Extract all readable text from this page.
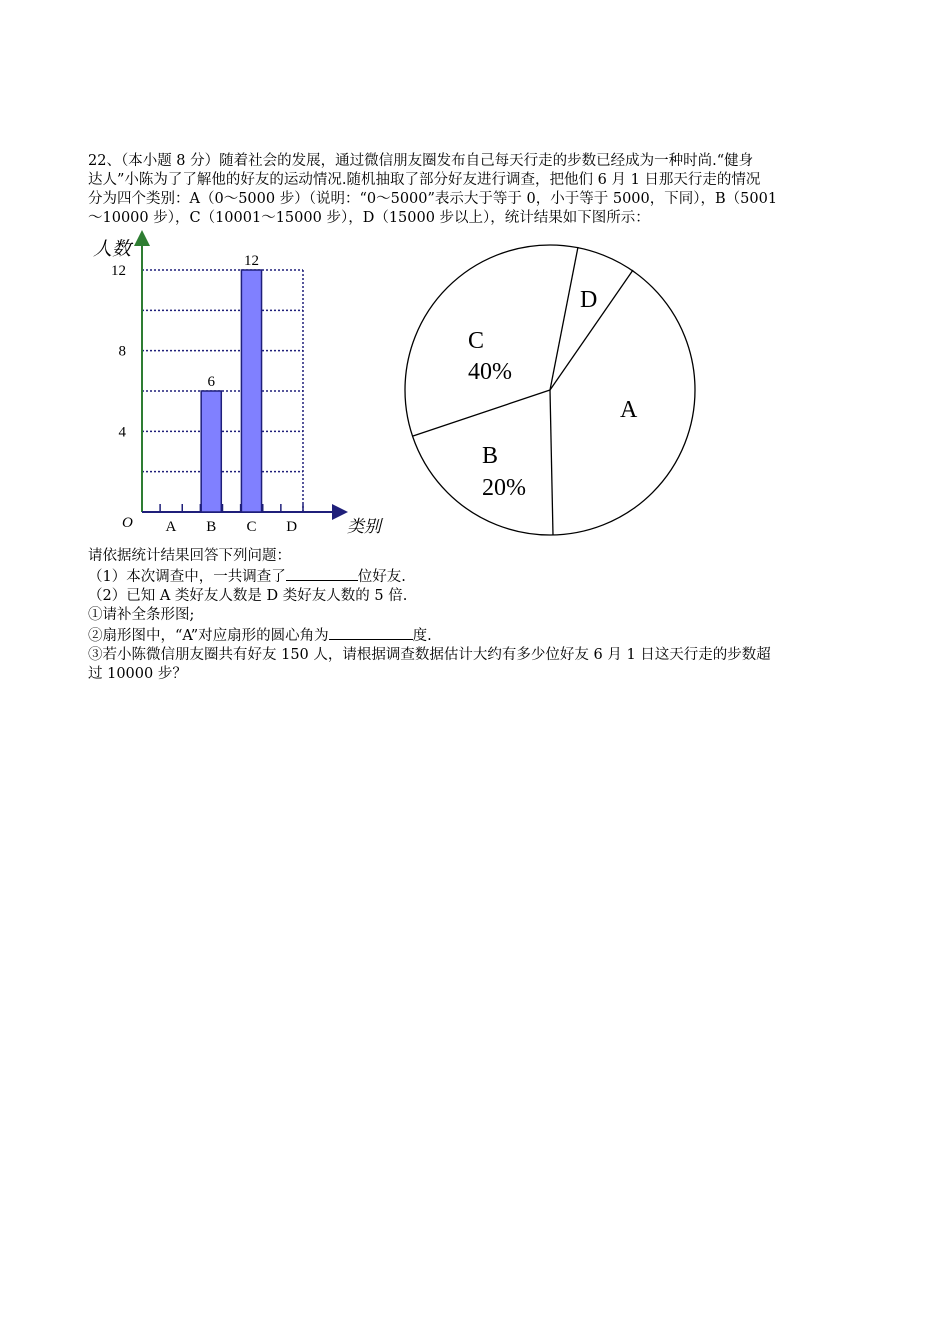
22、（本小题 8 分）随着社会的发展，通过微信朋友圈发布自己每天行走的步数已经成为一种时尚.“健身
达人”小陈为了了解他的好友的运动情况.随机抽取了部分好友进行调查，把他们 6 月 1 日那天行走的情况
分为四个类别：A（0～5000 步）（说明：“0～5000”表示大于等于 0，小于等于 5000，下同），B（5001
～10000 步），C（10001～15000 步），D（15000 步以上），统计结果如下图所示：
6
12
4
8
12
A B C D
人数
类别
O
D
C
40%
A
B
20%
请依据统计结果回答下列问题：
（1）本次调查中，一共调查了	位好友.
（2）已知 A 类好友人数是 D 类好友人数的 5 倍.
①请补全条形图;
②扇形图中，“A”对应扇形的圆心角为	度.
③若小陈微信朋友圈共有好友 150 人，请根据调查数据估计大约有多少位好友 6 月 1 日这天行走的步数超
过 10000 步？
